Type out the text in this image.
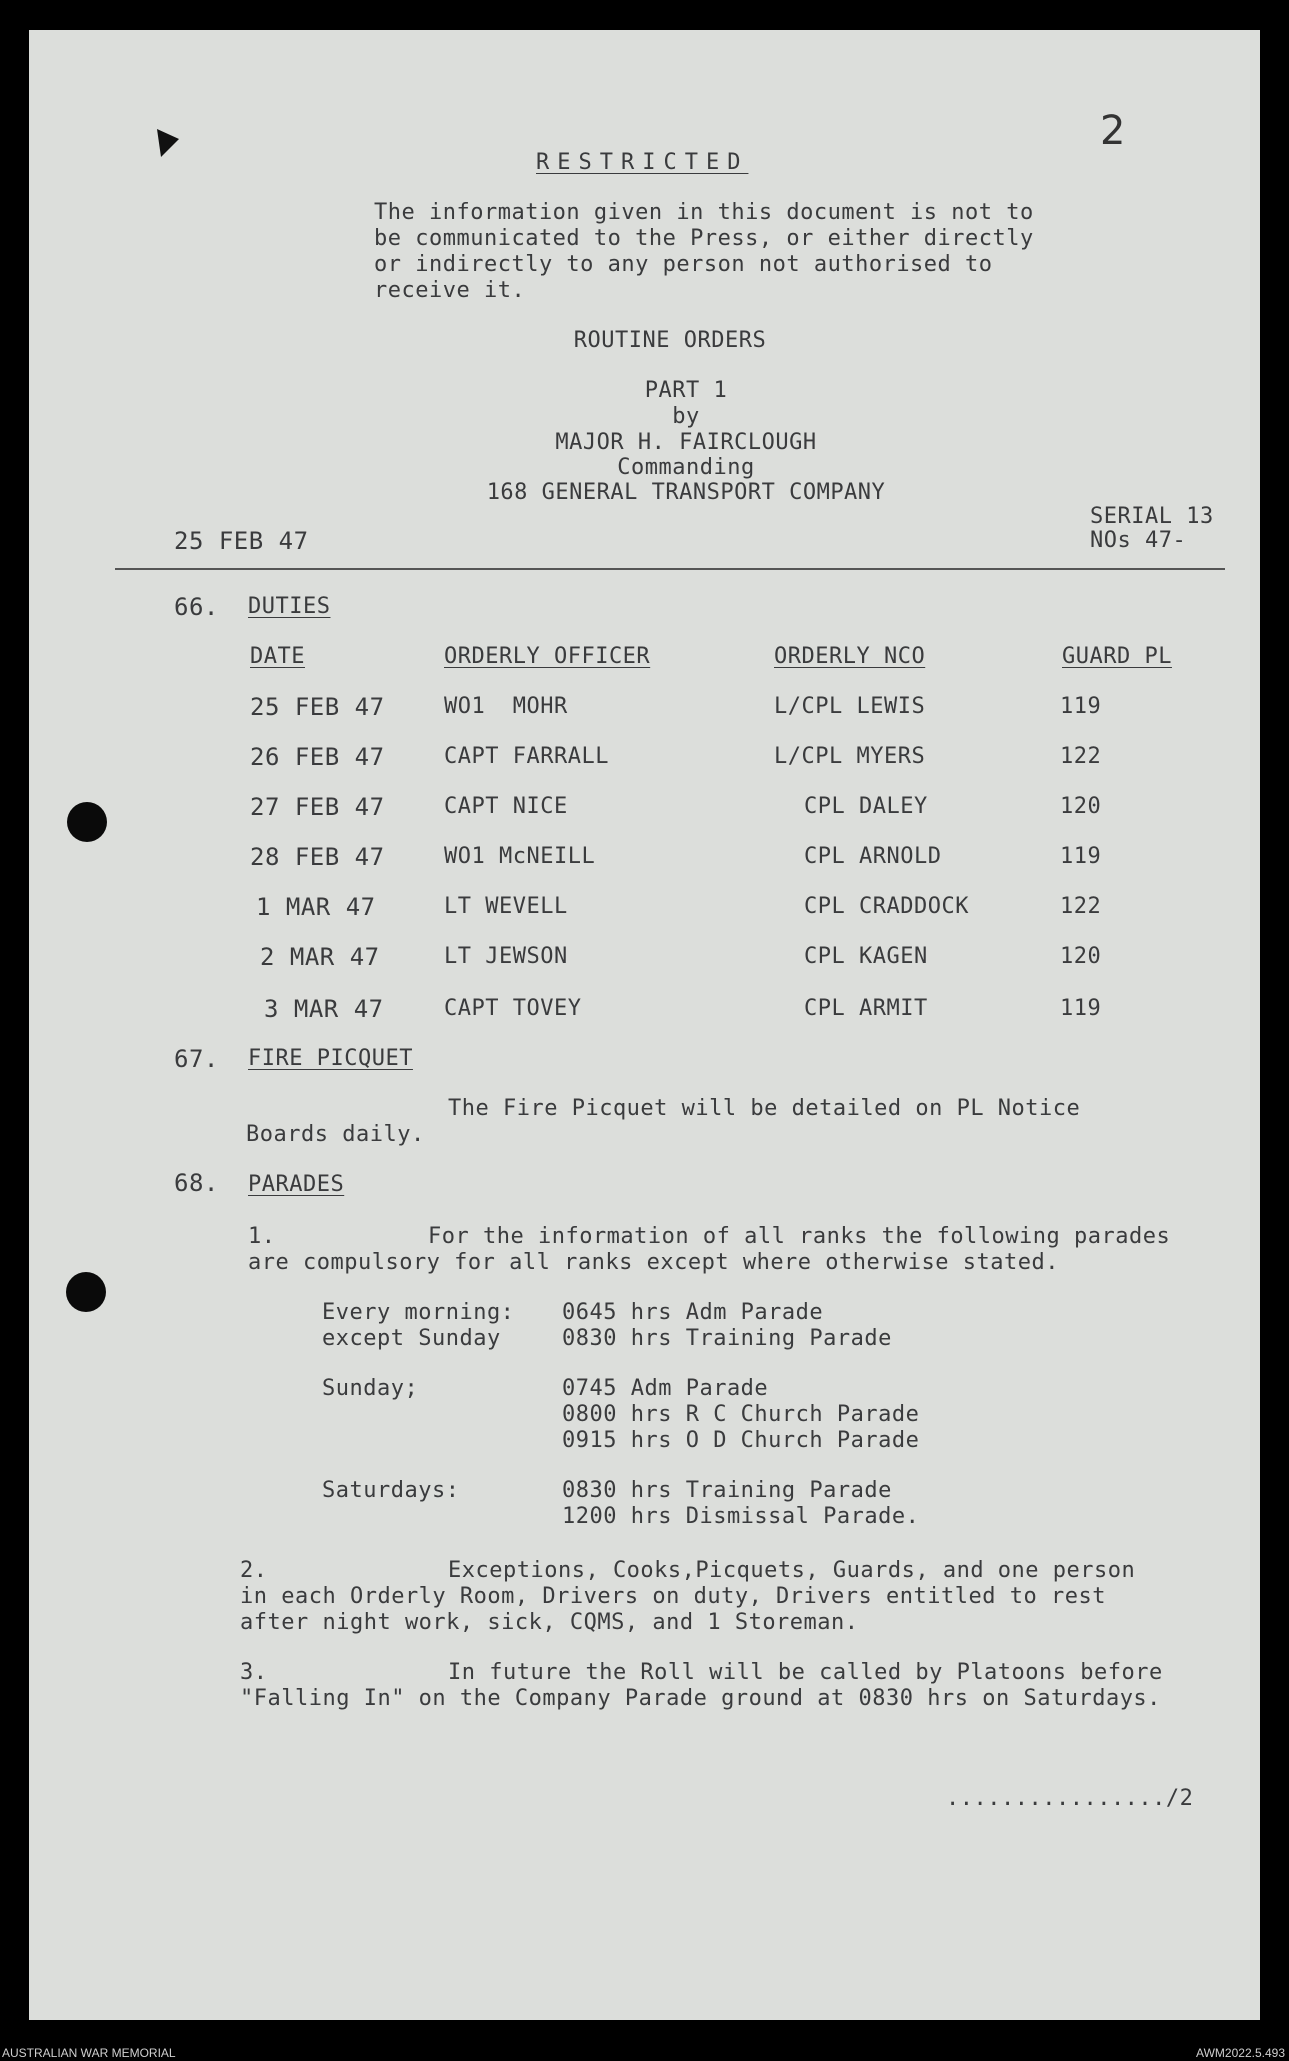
2
RESTRICTED
The information given in this document is not to
be communicated to the Press, or either directly
or indirectly to any person not authorised to
receive it.
ROUTINE ORDERS
PART 1
by
MAJOR H. FAIRCLOUGH
Commanding
168 GENERAL TRANSPORT COMPANY
25 FEB 47
SERIAL 13
NOs 47-
66. DUTIES
DATE	ORDERLY OFFICER	ORDERLY NCO	GUARD PL
25 FEB 47	WO1  MOHR	L/CPL LEWIS	119
26 FEB 47	CAPT FARRALL	L/CPL MYERS	122
27 FEB 47	CAPT NICE	CPL DALEY	120
28 FEB 47	WO1 McNEILL	CPL ARNOLD	119
1 MAR 47	LT WEVELL	CPL CRADDOCK	122
2 MAR 47	LT JEWSON	CPL KAGEN	120
3 MAR 47	CAPT TOVEY	CPL ARMIT	119
67. FIRE PICQUET
The Fire Picquet will be detailed on PL Notice
Boards daily.
68. PARADES
1.	For the information of all ranks the following parades
are compulsory for all ranks except where otherwise stated.
Every morning: 0645 hrs Adm Parade
except Sunday	0830 hrs Training Parade
Sunday;	0745 Adm Parade
0800 hrs R C Church Parade
0915 hrs O D Church Parade
Saturdays:	0830 hrs Training Parade
1200 hrs Dismissal Parade.
2.	Exceptions, Cooks,Picquets, Guards, and one person
in each Orderly Room, Drivers on duty, Drivers entitled to rest
after night work, sick, CQMS, and 1 Storeman.
3.	In future the Roll will be called by Platoons before
"Falling In" on the Company Parade ground at 0830 hrs on Saturdays.
................/2
AUSTRALIAN WAR MEMORIAL	AWM2022.5.493
